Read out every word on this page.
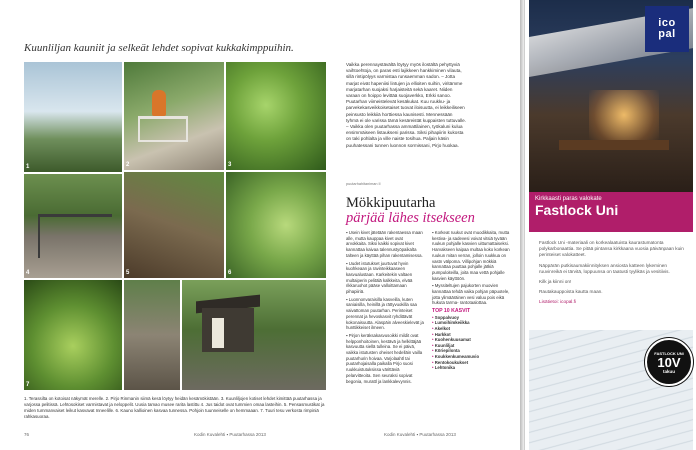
Kuunliljan kauniit ja selkeät lehdet sopivat kukkakimppuihin.
1	2	3
4	5	6
7
1. Terassilta on kotoisat näkymät merelle. 2. Pirjo Rinmanin siimä kesä löytyy heidän kesämökistään. 3. Kuunliljojen kotiset lehdet kimittää puutarhassa ja varjossa pelitissä. Lehtosokiset varmistavat ja neloppelit. Uusia tamao musee rarita lastittu 4. Jus taidot ovat tummien omaa lasteihin. 5. Pensasmustikat ja miden tummanvaiset leikut kasvavat Inneelille. 6. Kauno kallioinen kasvaa tunnessa. Pohjoin tuunneiselle on hemmaaan. 7. Tuuri tesu verkosta rimpiniä rahkasuoraa.
Vaikka perennaystävältä löytyy myös ilostältä pehyttyviä vaihtoehtoja, on paras esti lajikkeen hankkiminen vilauta, sillä rintipölyys varmistaa runsaemman sadon. – Jotta marjat eivät hapeniisi lintujen ja ellioiten suihin, viritämme marjatarhan suojaksi harjaisteitä sekä kaaret. Niiden varaan on hoippo levittää suojaverkko, Erkki sanoo. Puutarhan viimeistelevät kesäkukat. Kuu ruukku- ja parvekekasveikkoisetaiset tuovat iloisuutta, ei leikkeiliseen peinsusto leikkiiä horttiessa kaunisesti. Mennessään tyhmä ei ole varissa tämä kesäreistät kuppaisten tuttuvalle. – Vaikka olen puutarhassa ammattilainen, työkaluni kulua ensimmäiseen listaukseni parissa. Siksi pihapiirin kukosta on taki pohlalta ja ville naiste tosihua. Paljain käsin puuhatessani tunnen luonnon sormissani, Pirjo huokaa.
puutarhahitaniman II
Mökkipuutarha
pärjää lähes itsekseen

▪ Usein kivet jätetään rakentaessa maan alle, mutta kauppaa kivet ovat arvokkaita. Siksi kaikki sopivat kivet kannattaa kaivaa talennustyöpaikalta talteen ja käyttää pihan rakentamisessa.

▪ Uudet istutukset juurtuvat hyvin kuohkeaan ja ravinteikkaaseen kasvualustaan. Karkeitekin valtaen multaiperin pelitälä kalkkeita, elvää rikkaruohot pääse valloittamaan pihapiiriä.

▪ Luonnonvaraisilla kasveilla, kuten saniaisilla, heinillä ja rättyvuokilla saa vaivattoman puutarhan. Perinteiset perennat ja hevoskasvit ryhdittävät kokonaisuutta. Alaspäin alveeskielevät ja hunttikkeiset ilmeen.

▪ Pirjon keräksakasvusoikki mildit ovat helpponhoitoinen, kestävä ja helkittäjää kasvuutta siellä tulleina. Se ei päivä, vaikka istutusten oheiset hedelläin vailla puutarhurin hoivaa. Varjolaahtl tai puutarhojaisalla paikalla Pirjo suosi ruukkuistutuksissa värittäviä pelarvitteoita. Sen seuraksi sopivat begonia, murattl ja lankkalevynnis.

▪ Korkeat ruukut ovat muodikkaita, mutta kestiva- ja sadevesi voivat vitsiä tyvään ruukun pohjalle kasvien uittumattaiseksi. Harvakseen kaipaa multaa koko korkean ruukun mitan verran, jolloin ruukkua on vastn välpoma. Villipohjan mökkiä kannattaa puuttaa pohjalle jätkiä pumpuloiteilla, joita maa vettä pohjalle kasvien käyttöön.

▪ Myssiteltujen pajukorten muovien kannattaa tehdä vaika pohjan päpuotele, jotta ylimääräinen vesi valuu pois eikä hukuta tarma- rantotaalottaa.

TOP 10 KASVIT
• Soppalvuoy
• Lumoihimkeiikka
• Akelkot
• Harkkot
• Kuohenkuusamat
• Kuunliljat
• Köriepilonta
• Koukkenkumeamuvio
• Rentokoukukset
• Lehtonika
76	Kodin Kuvalehti ▪ Puutarhassa 2013	Kodin Kuvalehti ▪ Puutarhassa 2013
ico
pal
Kirkkaasti paras valokate
Fastlock Uni

Fastlock Uni -materiaali on korkealaatuista kaurastumatonta polykarbonaattia. Se pitää pintansa kirkkaana vuosia päivänpaan kuin perinteiset valokatteet.

Näppärän putkisaumakiinnityksen ansiosta katteen lykeminen ruuvinreikä ei tärvitä, loppuunsa on taatusti tyylikäs ja vesitiivis.

Kilk ja kiinni on!

Rautakauppoista kautta maan.

Lisätietoi: icopal.fi

FASTLOCK UNI
10V
takuu
